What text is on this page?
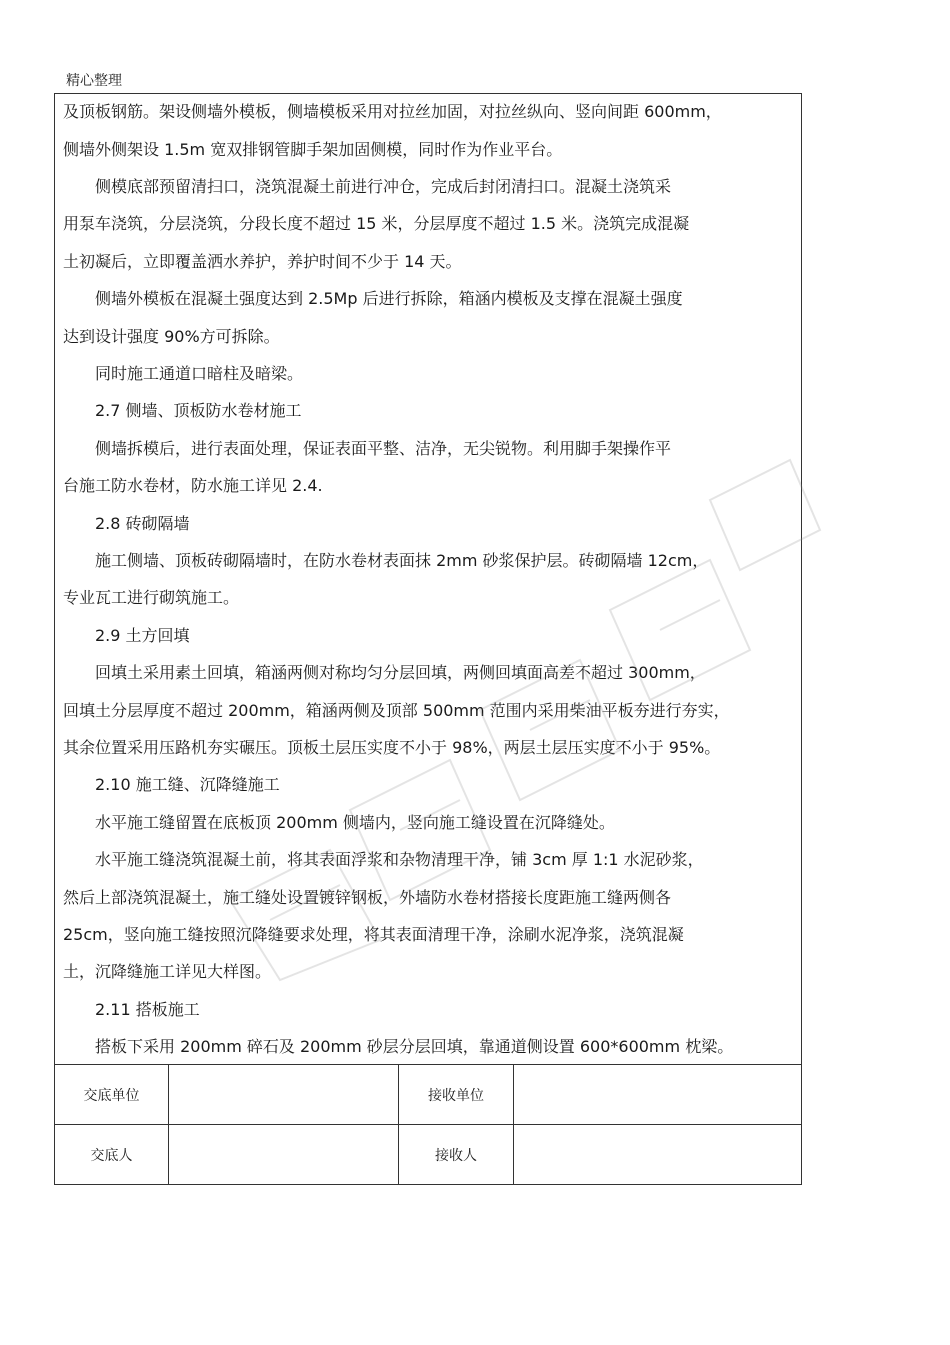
精心整理
及顶板钢筋。架设侧墙外模板，侧墙模板采用对拉丝加固，对拉丝纵向、竖向间距 600mm，
侧墙外侧架设 1.5m 宽双排钢管脚手架加固侧模，同时作为作业平台。
　　侧模底部预留清扫口，浇筑混凝土前进行冲仓，完成后封闭清扫口。混凝土浇筑采
用泵车浇筑，分层浇筑，分段长度不超过 15 米，分层厚度不超过 1.5 米。浇筑完成混凝
土初凝后，立即覆盖洒水养护，养护时间不少于 14 天。
　　侧墙外模板在混凝土强度达到 2.5Mp 后进行拆除，箱涵内模板及支撑在混凝土强度
达到设计强度 90%方可拆除。
　　同时施工通道口暗柱及暗梁。
　　2.7 侧墙、顶板防水卷材施工
　　侧墙拆模后，进行表面处理，保证表面平整、洁净，无尖锐物。利用脚手架操作平
台施工防水卷材，防水施工详见 2.4.
　　2.8 砖砌隔墙
　　施工侧墙、顶板砖砌隔墙时，在防水卷材表面抹 2mm 砂浆保护层。砖砌隔墙 12cm，
专业瓦工进行砌筑施工。
　　2.9 土方回填
　　回填土采用素土回填，箱涵两侧对称均匀分层回填，两侧回填面高差不超过 300mm，
回填土分层厚度不超过 200mm，箱涵两侧及顶部 500mm 范围内采用柴油平板夯进行夯实，
其余位置采用压路机夯实碾压。顶板土层压实度不小于 98%，两层土层压实度不小于 95%。
　　2.10 施工缝、沉降缝施工
　　水平施工缝留置在底板顶 200mm 侧墙内，竖向施工缝设置在沉降缝处。
　　水平施工缝浇筑混凝土前，将其表面浮浆和杂物清理干净，铺 3cm 厚 1:1 水泥砂浆，
然后上部浇筑混凝土，施工缝处设置镀锌钢板，外墙防水卷材搭接长度距施工缝两侧各
25cm，竖向施工缝按照沉降缝要求处理，将其表面清理干净，涂刷水泥净浆，浇筑混凝
土，沉降缝施工详见大样图。
　　2.11 搭板施工
　　搭板下采用 200mm 碎石及 200mm 砂层分层回填，靠通道侧设置 600*600mm 枕梁。
交底单位	接收单位
交底人	接收人
